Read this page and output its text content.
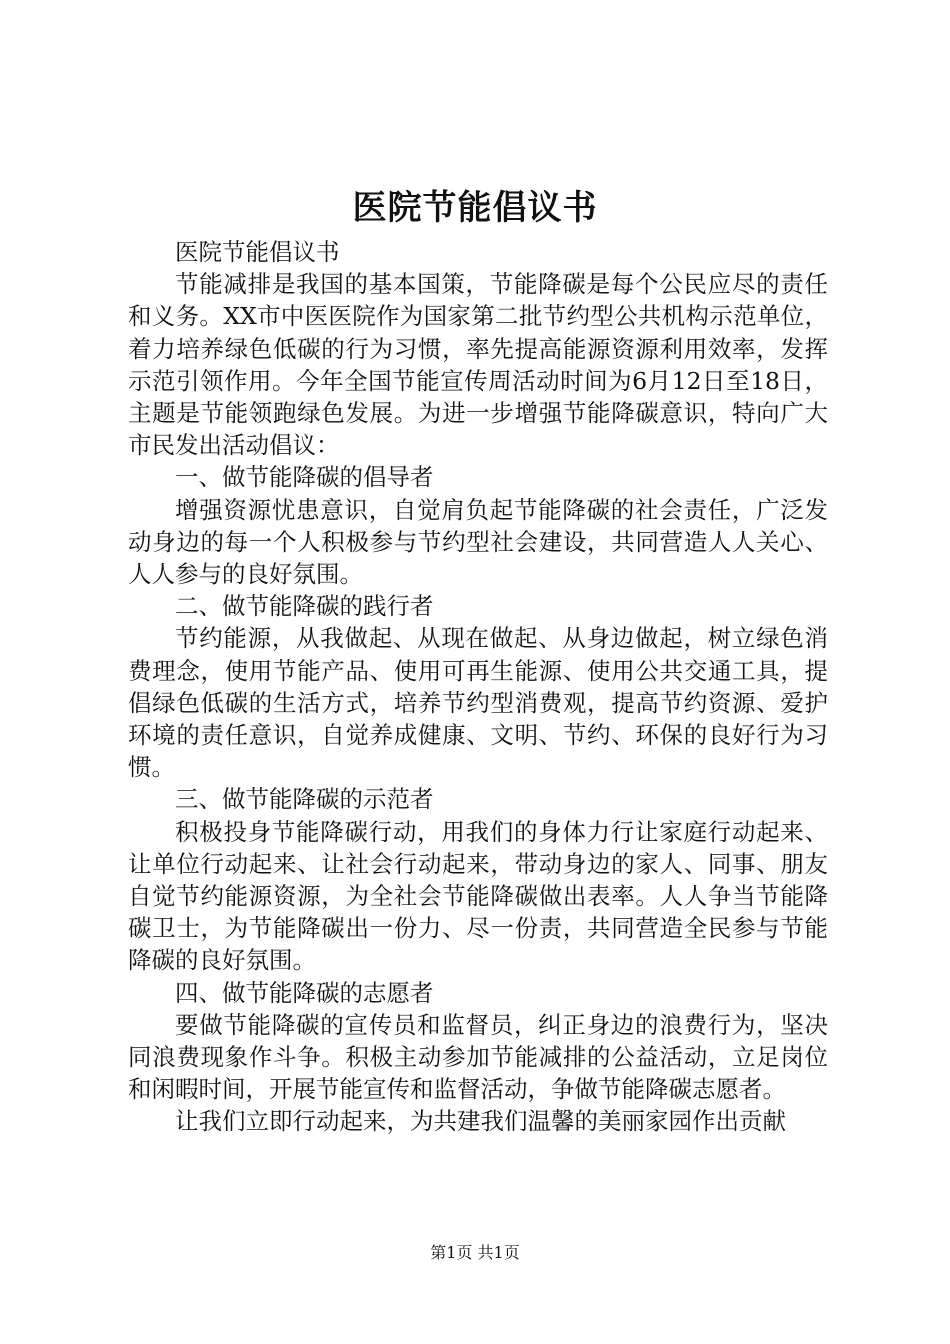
医院节能倡议书

医院节能倡议书

节能减排是我国的基本国策，节能降碳是每个公民应尽的责任和义务。XX市中医医院作为国家第二批节约型公共机构示范单位，着力培养绿色低碳的行为习惯，率先提高能源资源利用效率，发挥示范引领作用。今年全国节能宣传周活动时间为6月12日至18日，主题是节能领跑绿色发展。为进一步增强节能降碳意识，特向广大市民发出活动倡议：

一、做节能降碳的倡导者

增强资源忧患意识，自觉肩负起节能降碳的社会责任，广泛发动身边的每一个人积极参与节约型社会建设，共同营造人人关心、人人参与的良好氛围。

二、做节能降碳的践行者

节约能源，从我做起、从现在做起、从身边做起，树立绿色消费理念，使用节能产品、使用可再生能源、使用公共交通工具，提倡绿色低碳的生活方式，培养节约型消费观，提高节约资源、爱护环境的责任意识，自觉养成健康、文明、节约、环保的良好行为习惯。

三、做节能降碳的示范者

积极投身节能降碳行动，用我们的身体力行让家庭行动起来、让单位行动起来、让社会行动起来，带动身边的家人、同事、朋友自觉节约能源资源，为全社会节能降碳做出表率。人人争当节能降碳卫士，为节能降碳出一份力、尽一份责，共同营造全民参与节能降碳的良好氛围。

四、做节能降碳的志愿者

要做节能降碳的宣传员和监督员，纠正身边的浪费行为，坚决同浪费现象作斗争。积极主动参加节能减排的公益活动，立足岗位和闲暇时间，开展节能宣传和监督活动，争做节能降碳志愿者。

让我们立即行动起来，为共建我们温馨的美丽家园作出贡献

第1页 共1页
